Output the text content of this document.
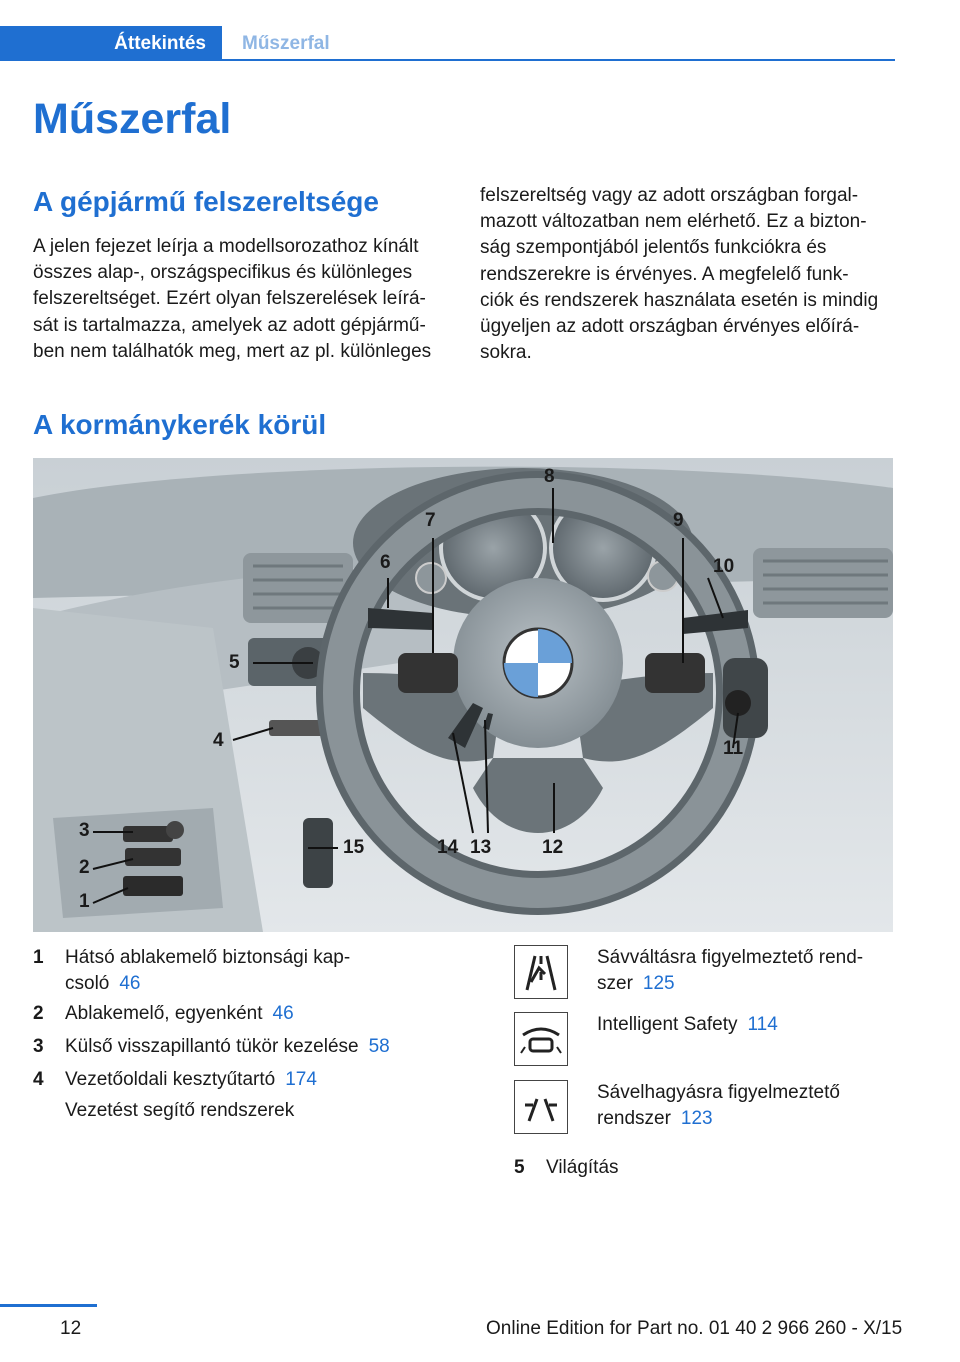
Áttekintés	Műszerfal
Műszerfal
A gépjármű felszereltsége
A jelen fejezet leírja a modellsorozathoz kínált
összes alap-, országspecifikus és különleges
felszereltséget. Ezért olyan felszerelések leírá‐
sát is tartalmazza, amelyek az adott gépjármű‐
ben nem találhatók meg, mert az pl. különleges
felszereltség vagy az adott országban forgal‐
mazott változatban nem elérhető. Ez a bizton‐
ság szempontjából jelentős funkciókra és
rendszerekre is érvényes. A megfelelő funk‐
ciók és rendszerek használata esetén is mindig
ügyeljen az adott országban érvényes előírá‐
sokra.
A kormánykerék körül
3
2
1
4
5
6
7
8
9
10
11
12
13
14
15
1 Hátsó ablakemelő biztonsági kap‐
csoló 46
2 Ablakemelő, egyenként 46
3 Külső visszapillantó tükör kezelése 58
4 Vezetőoldali kesztyűtartó 174
Vezetést segítő rendszerek
Sávváltásra figyelmeztető rend‐
szer 125
Intelligent Safety 114
Sávelhagyásra figyelmeztető
rendszer 123
5 Világítás
12	Online Edition for Part no. 01 40 2 966 260 - X/15
